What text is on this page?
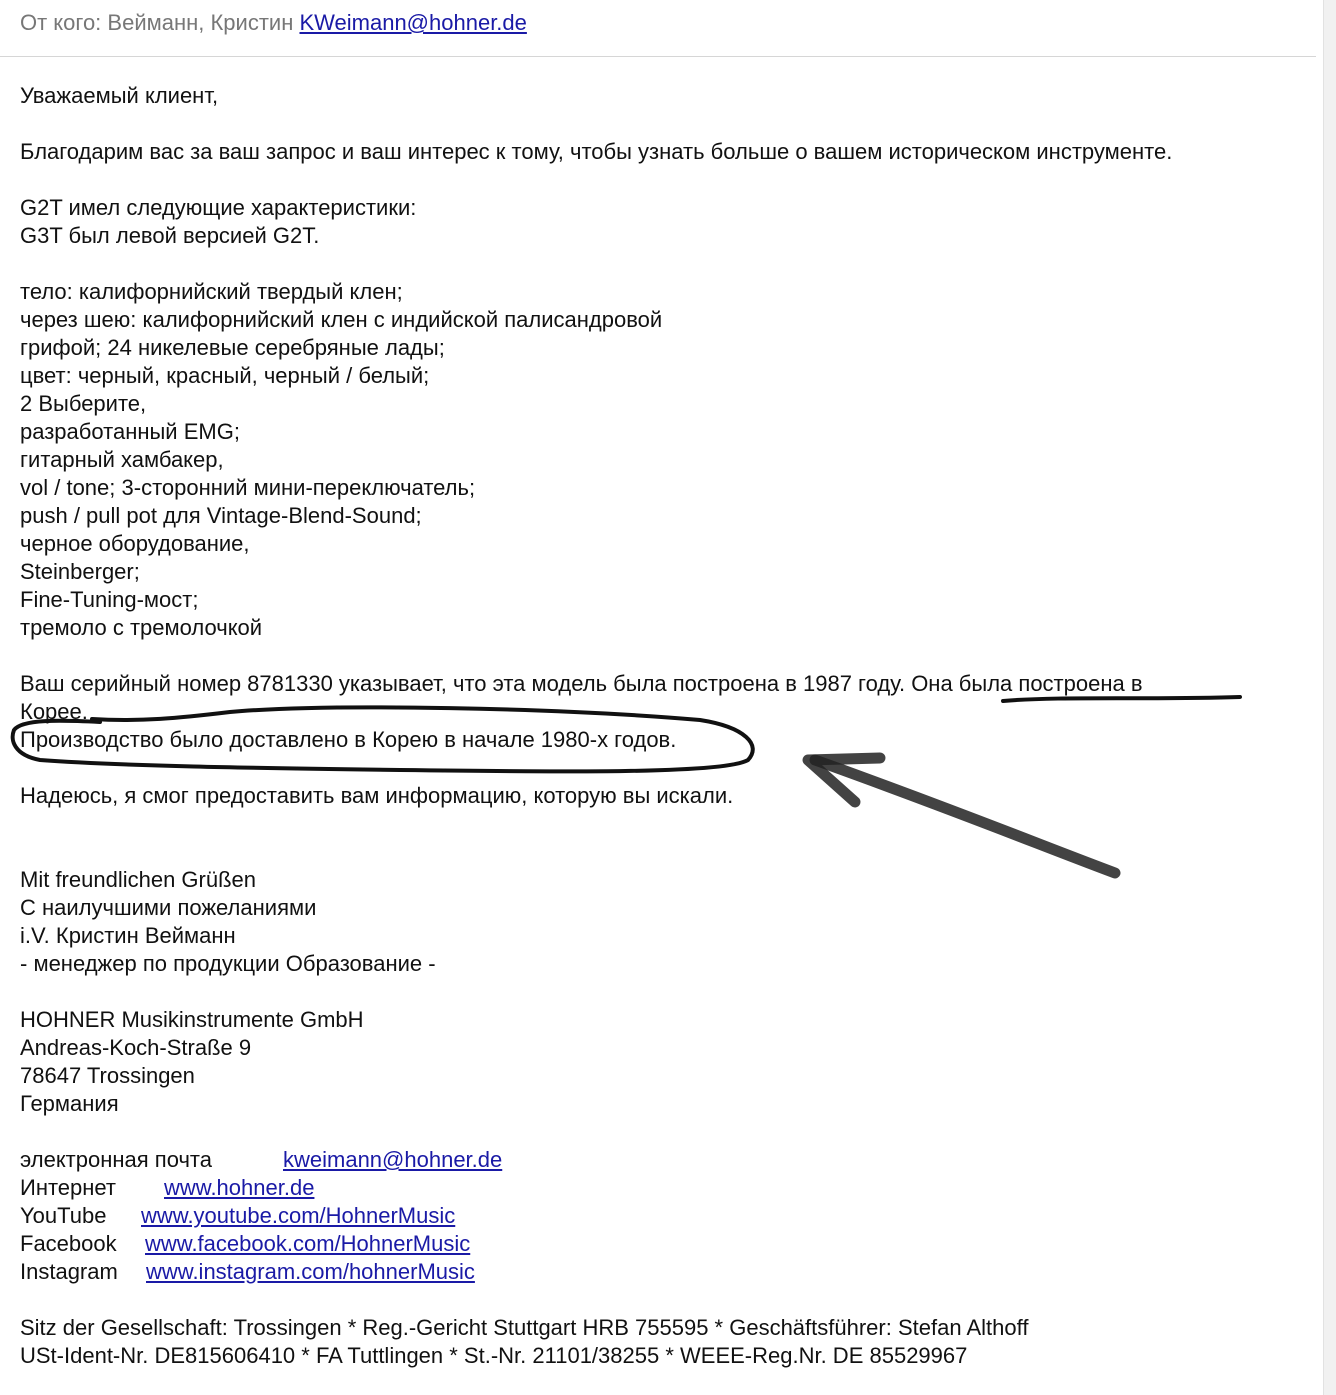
От кого: Вейманн, Кристин KWeimann@hohner.de
Уважаемый клиент,
Благодарим вас за ваш запрос и ваш интерес к тому, чтобы узнать больше о вашем историческом инструменте.
G2T имел следующие характеристики:
G3T был левой версией G2T.
тело: калифорнийский твердый клен;
через шею: калифорнийский клен с индийской палисандровой
грифой; 24 никелевые серебряные лады;
цвет: черный, красный, черный / белый;
2 Выберите,
разработанный EMG;
гитарный хамбакер,
vol / tone; 3-сторонний мини-переключатель;
push / pull pot для Vintage-Blend-Sound;
черное оборудование,
Steinberger;
Fine-Tuning-мост;
тремоло с тремолочкой
Ваш серийный номер 8781330 указывает, что эта модель была построена в 1987 году. Она была построена в
Корее.
Производство было доставлено в Корею в начале 1980-х годов.
Надеюсь, я смог предоставить вам информацию, которую вы искали.
Mit freundlichen Grüßen
С наилучшими пожеланиями
i.V. Кристин Вейманн
- менеджер по продукции Образование -
HOHNER Musikinstrumente GmbH
Andreas-Koch-Straße 9
78647 Trossingen
Германия
электронная почта	kweimann@hohner.de
Интернет www.hohner.de
YouTube www.youtube.com/HohnerMusic
Facebook www.facebook.com/HohnerMusic
Instagram www.instagram.com/hohnerMusic
Sitz der Gesellschaft: Trossingen * Reg.-Gericht Stuttgart HRB 755595 * Geschäftsführer: Stefan Althoff
USt-Ident-Nr. DE815606410 * FA Tuttlingen * St.-Nr. 21101/38255 * WEEE-Reg.Nr. DE 85529967
